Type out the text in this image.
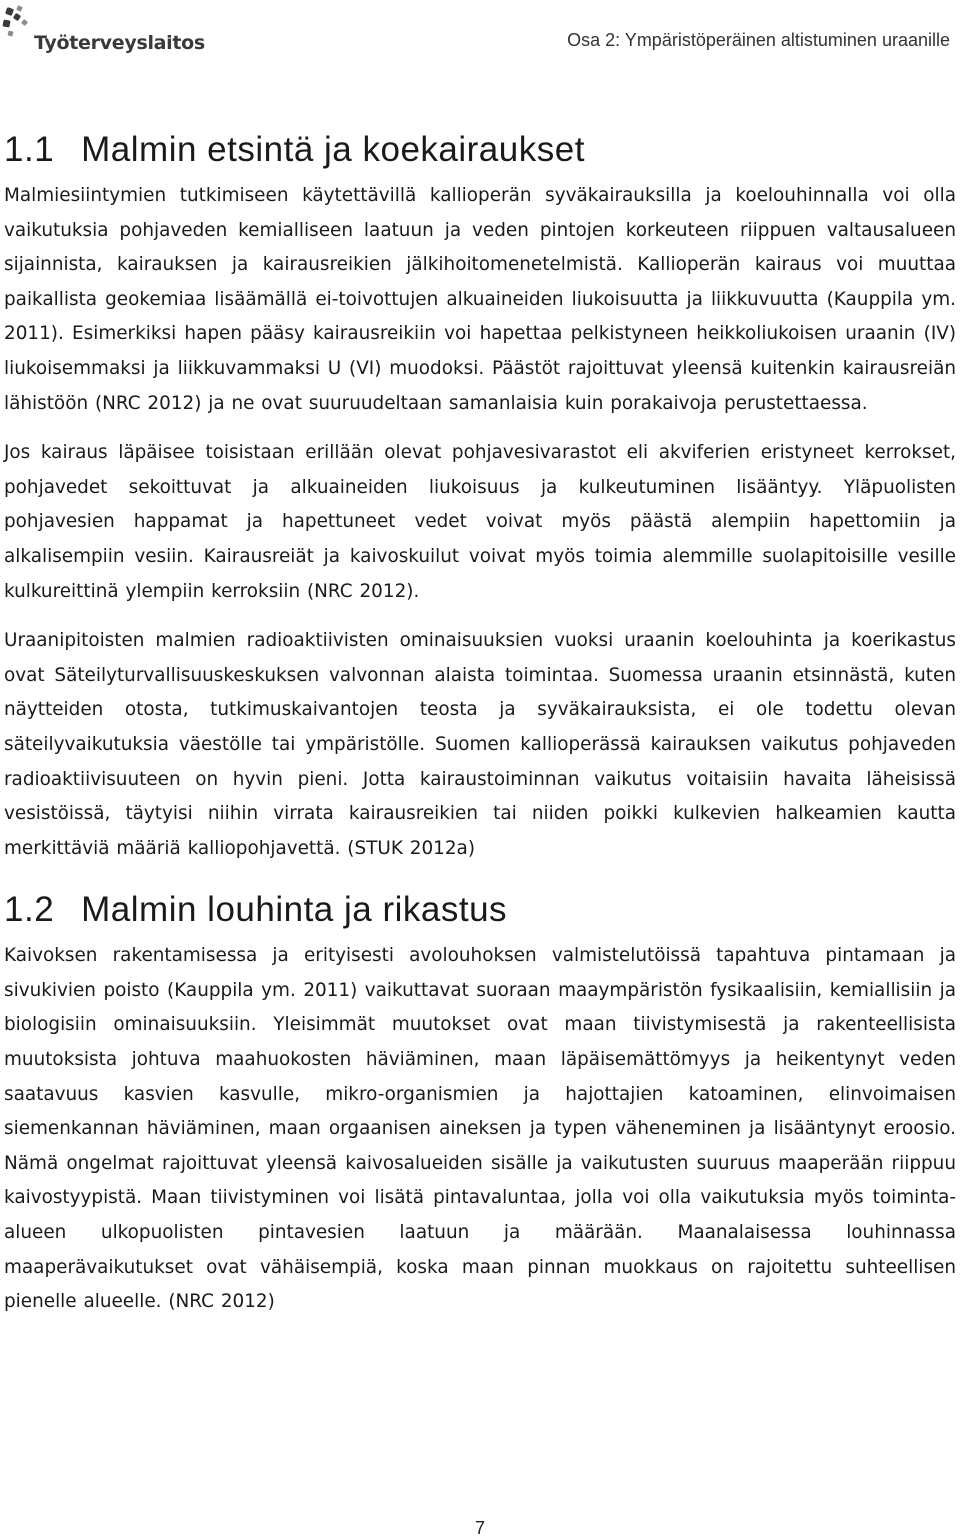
Työterveyslaitos	Osa 2: Ympäristöperäinen altistuminen uraanille
1.1 Malmin etsintä ja koekairaukset

Malmiesiintymien tutkimiseen käytettävillä kallioperän syväkairauksilla ja koelouhinnalla voi olla vaikutuksia pohjaveden kemialliseen laatuun ja veden pintojen korkeuteen riippuen valtausalueen sijainnista, kairauksen ja kairausreikien jälkihoitomenetelmistä. Kallioperän kairaus voi muuttaa paikallista geokemiaa lisäämällä ei-toivottujen alkuaineiden liukoisuutta ja liikkuvuutta (Kauppila ym. 2011). Esimerkiksi hapen pääsy kairausreikiin voi hapettaa pelkistyneen heikkoliukoisen uraanin (IV) liukoisemmaksi ja liikkuvammaksi U (VI) muodoksi. Päästöt rajoittuvat yleensä kuitenkin kairausreiän lähistöön (NRC 2012) ja ne ovat suuruudeltaan samanlaisia kuin porakaivoja perustettaessa.

Jos kairaus läpäisee toisistaan erillään olevat pohjavesivarastot eli akviferien eristyneet kerrokset, pohjavedet sekoittuvat ja alkuaineiden liukoisuus ja kulkeutuminen lisääntyy. Yläpuolisten pohjavesien happamat ja hapettuneet vedet voivat myös päästä alempiin hapettomiin ja alkalisempiin vesiin. Kairausreiät ja kaivoskuilut voivat myös toimia alemmille suolapitoisille vesille kulkureittinä ylempiin kerroksiin (NRC 2012).

Uraanipitoisten malmien radioaktiivisten ominaisuuksien vuoksi uraanin koelouhinta ja koerikastus ovat Säteilyturvallisuuskeskuksen valvonnan alaista toimintaa. Suomessa uraanin etsinnästä, kuten näytteiden otosta, tutkimuskaivantojen teosta ja syväkairauksista, ei ole todettu olevan säteilyvaikutuksia väestölle tai ympäristölle. Suomen kallioperässä kairauksen vaikutus pohjaveden radioaktiivisuuteen on hyvin pieni. Jotta kairaustoiminnan vaikutus voitaisiin havaita läheisissä vesistöissä, täytyisi niihin virrata kairausreikien tai niiden poikki kulkevien halkeamien kautta merkittäviä määriä kalliopohjavettä. (STUK 2012a)

1.2 Malmin louhinta ja rikastus

Kaivoksen rakentamisessa ja erityisesti avolouhoksen valmistelutöissä tapahtuva pintamaan ja sivukivien poisto (Kauppila ym. 2011) vaikuttavat suoraan maaympäristön fysikaalisiin, kemiallisiin ja biologisiin ominaisuuksiin. Yleisimmät muutokset ovat maan tiivistymisestä ja rakenteellisista muutoksista johtuva maahuokosten häviäminen, maan läpäisemättömyys ja heikentynyt veden saatavuus kasvien kasvulle, mikro-organismien ja hajottajien katoaminen, elinvoimaisen siemenkannan häviäminen, maan orgaanisen aineksen ja typen väheneminen ja lisääntynyt eroosio. Nämä ongelmat rajoittuvat yleensä kaivosalueiden sisälle ja vaikutusten suuruus maaperään riippuu kaivostyypistä. Maan tiivistyminen voi lisätä pintavaluntaa, jolla voi olla vaikutuksia myös toiminta-alueen ulkopuolisten pintavesien laatuun ja määrään. Maanalaisessa louhinnassa maaperävaikutukset ovat vähäisempiä, koska maan pinnan muokkaus on rajoitettu suhteellisen pienelle alueelle. (NRC 2012)

7
